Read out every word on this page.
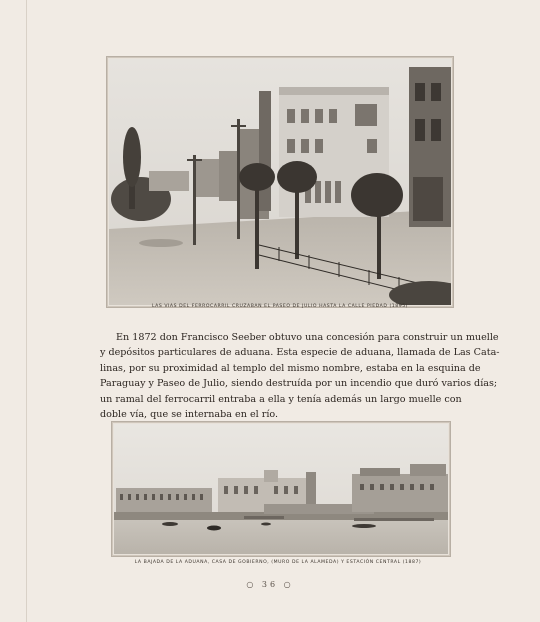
LAS VIAS DEL FERROCARRIL CRUZABAN EL PASEO DE JULIO HASTA LA CALLE PIEDAD (1895)
En 1872 don Francisco Seeber obtuvo una concesión para construir un muelle
y depósitos particulares de aduana. Esta especie de aduana, llamada de Las Cata-
linas, por su proximidad al templo del mismo nombre, estaba en la esquina de
Paraguay y Paseo de Julio, siendo destruída por un incendio que duró varios días;
un ramal del ferrocarril entraba a ella y tenía además un largo muelle con
doble vía, que se internaba en el río.
LA BAJADA DE LA ADUANA, CASA DE GOBIERNO, (MURO DE LA ALAMEDA) Y ESTACIÓN CENTRAL (1887)
○ 36 ○
